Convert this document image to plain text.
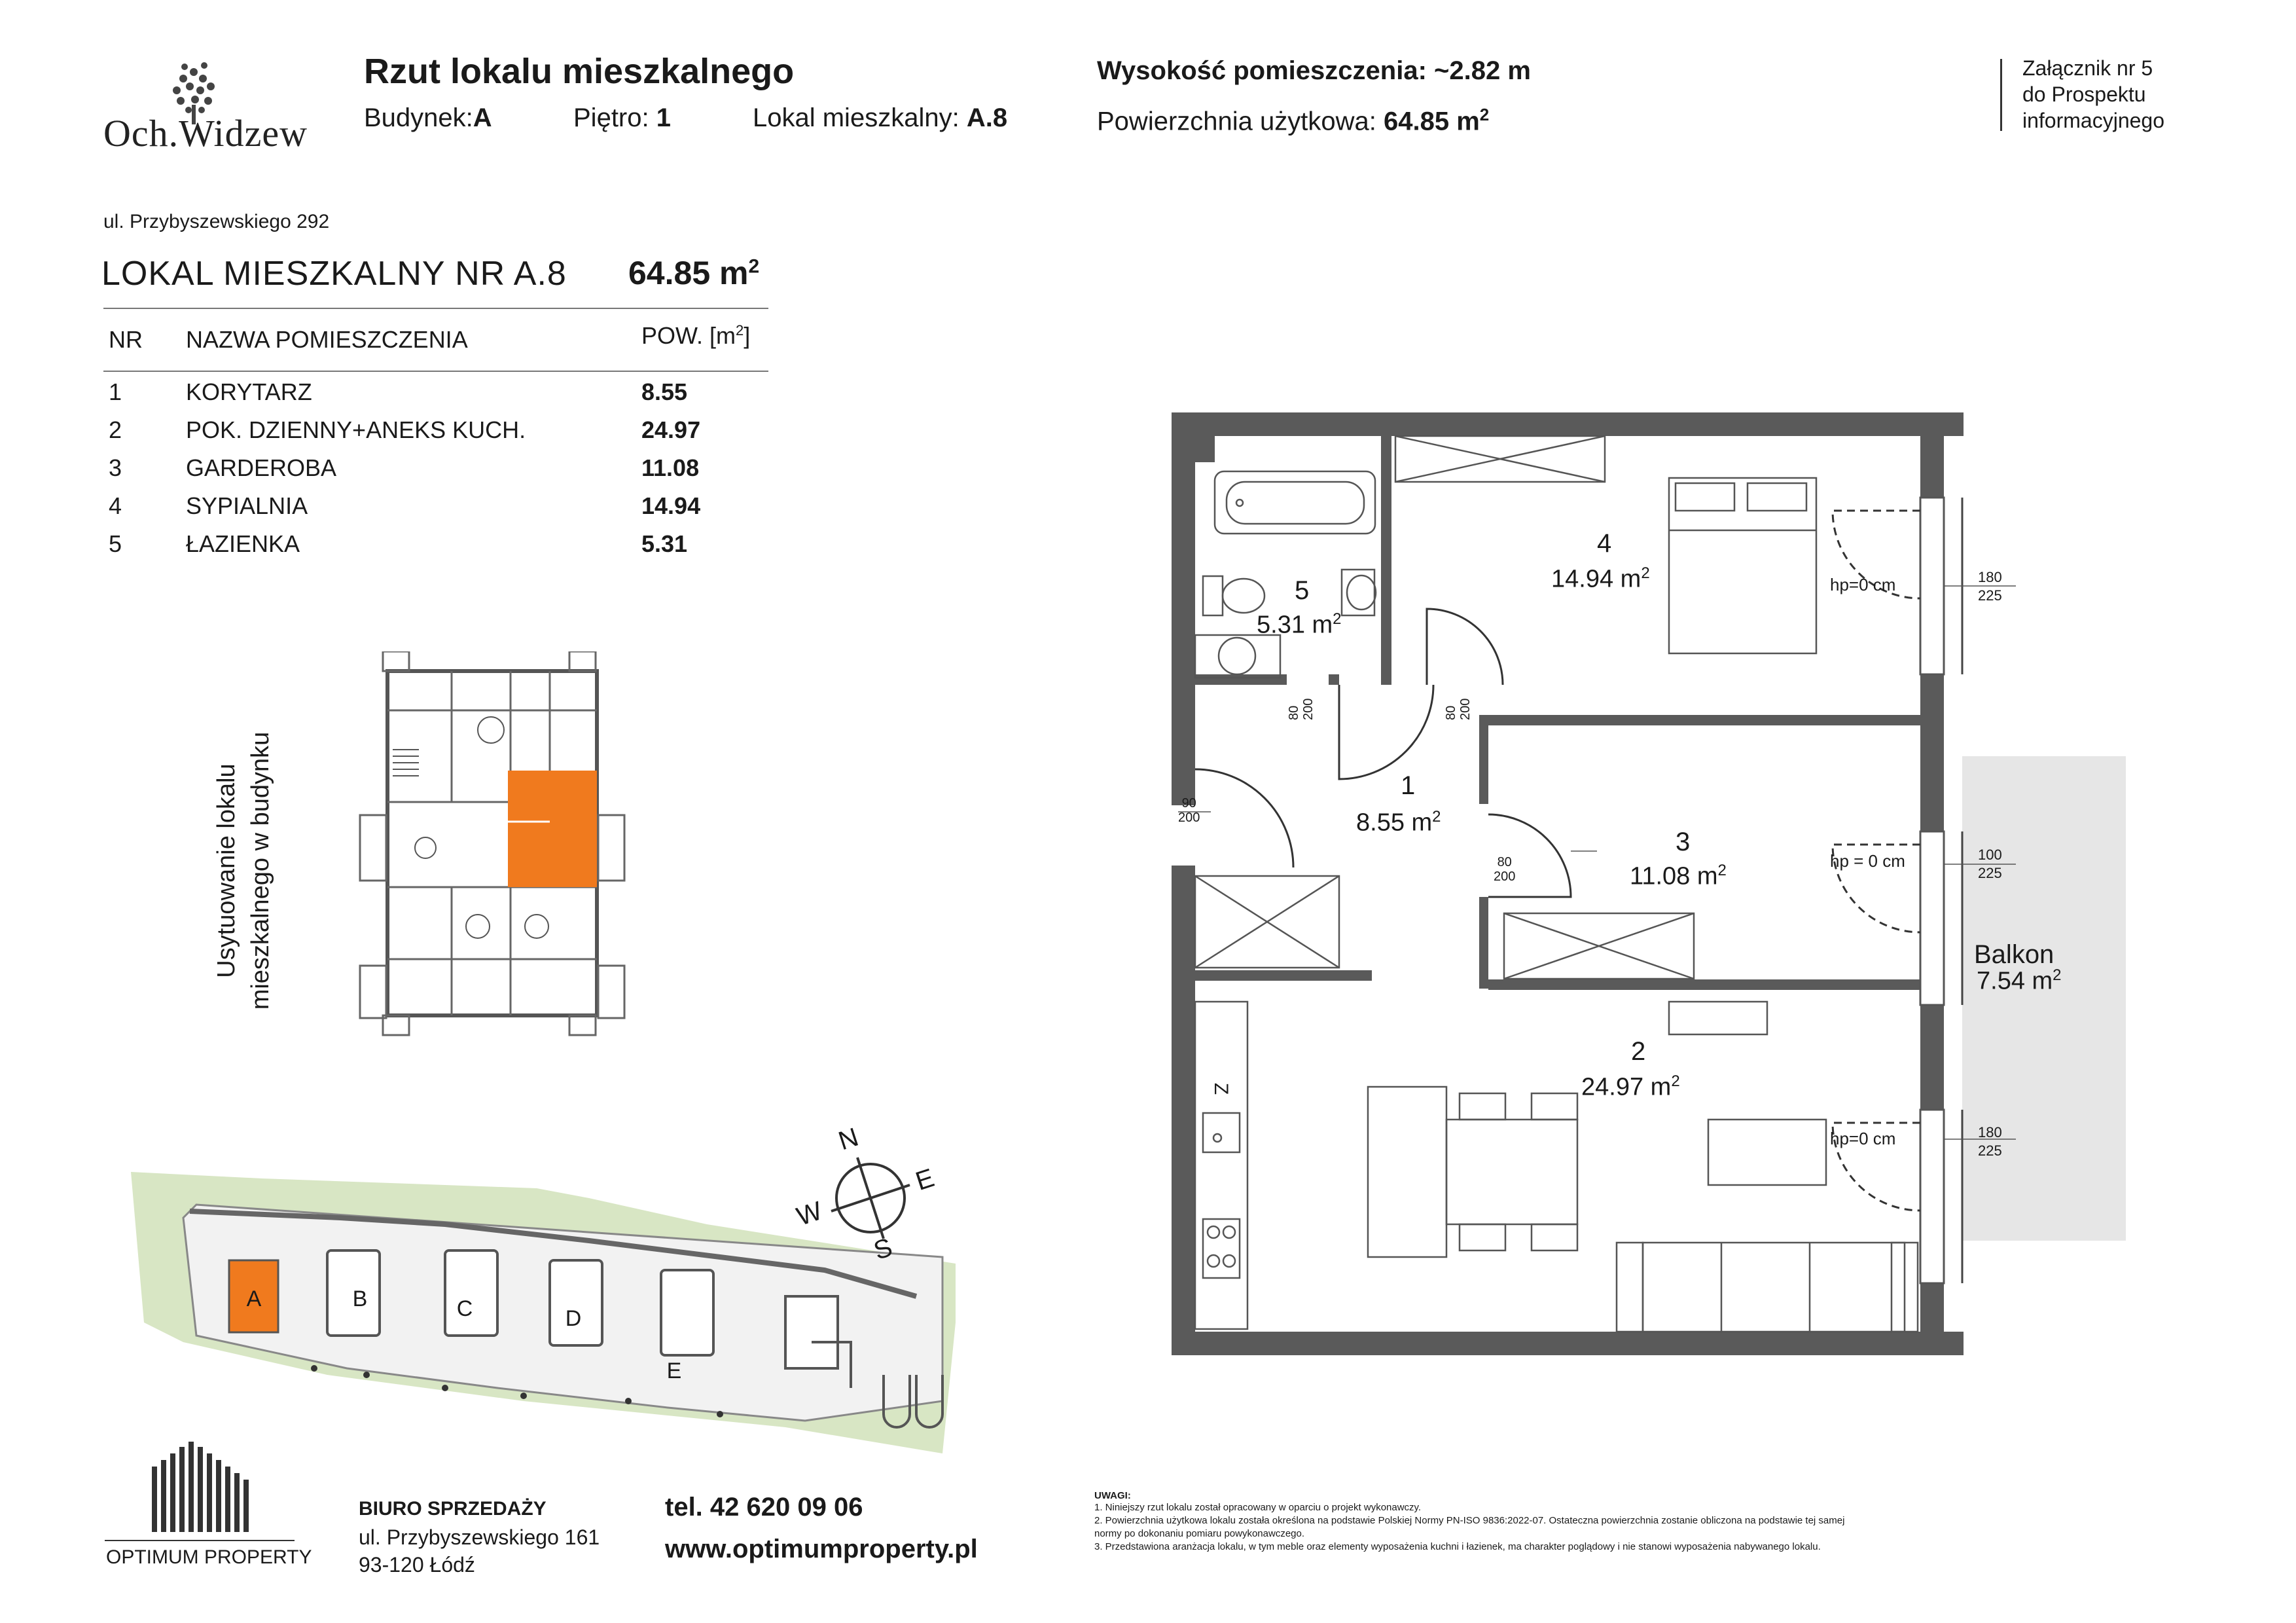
Och.Widzew
Rzut lokalu mieszkalnego
Budynek:A	Piętro: 1	Lokal mieszkalny: A.8
Wysokość pomieszczenia: ~2.82 m
Powierzchnia użytkowa: 64.85 $m^2$
Załącznik nr 5
do Prospektu
informacyjnego
ul. Przybyszewskiego 292
LOKAL MIESZKALNY NR A.8 64.85 $m^2$
NR NAZWA POMIESZCZENIA	POW. $[m^2]$
1	KORYTARZ	8.55
2	POK. DZIENNY+ANEKS KUCH.	24.97
3	GARDEROBA	11.08
4	SYPIALNIA	14.94
5	ŁAZIENKA	5.31
Usytuowanie lokalu mieszkalnego w budynku
A	B	C	D
E
N
E
S
W
4
14.94 $m^2$
5
5.31 $m^2$
1
8.55 $m^2$
3
11.08 $m^2$
2
24.97 $m^2$
Balkon
7.54 $m^2$
hp=0 cm
hp = 0 cm
hp=0 cm
180
225
100
225
180
225
80 200	80 200
90
200
80
200
Z
OPTIMUM PROPERTY
BIURO SPRZEDAŻY
ul. Przybyszewskiego 161
93-120 Łódź
tel. 42 620 09 06
www.optimumproperty.pl
UWAGI:
1. Niniejszy rzut lokalu został opracowany w oparciu o projekt wykonawczy.
2. Powierzchnia użytkowa lokalu została określona na podstawie Polskiej Normy PN-ISO 9836:2022-07. Ostateczna powierzchnia zostanie obliczona na podstawie tej samej
normy po dokonaniu pomiaru powykonawczego.
3. Przedstawiona aranżacja lokalu, w tym meble oraz elementy wyposażenia kuchni i łazienek, ma charakter poglądowy i nie stanowi wyposażenia nabywanego lokalu.
